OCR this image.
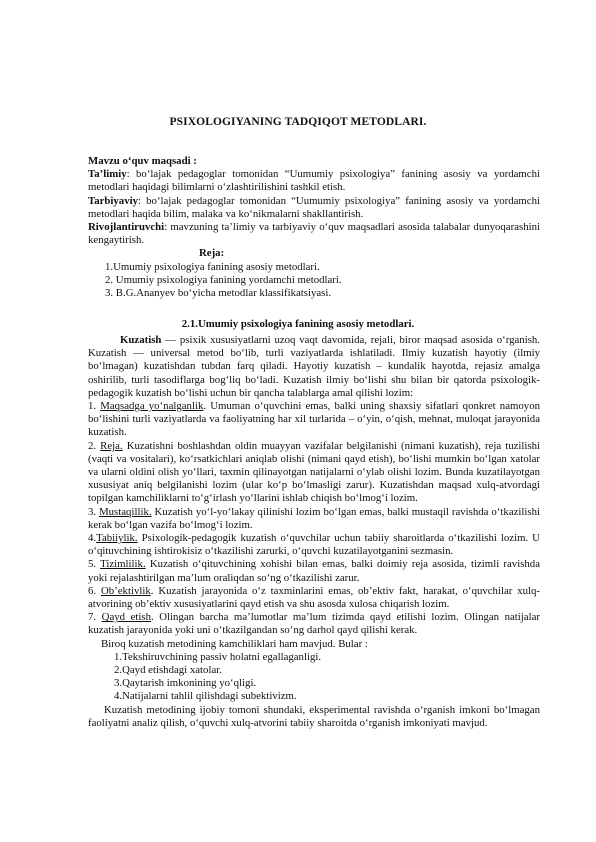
PSIXOLOGIYANING TADQIQOT METODLARI.

Mavzu o‘quv maqsadi :

Ta’limiy: bo‘lajak pedagoglar tomonidan “Uumumiy psixologiya” fanining asosiy va yordamchi metodlari haqidagi bilimlarni o‘zlashtirilishini tashkil etish.

Tarbiyaviy: bo‘lajak pedagoglar tomonidan “Uumumiy psixologiya” fanining asosiy va yordamchi metodlari haqida bilim, malaka va ko‘nikmalarni shakllantirish.

Rivojlantiruvchi: mavzuning ta’limiy va tarbiyaviy o‘quv maqsadlari asosida talabalar dunyoqarashini kengaytirish.

Reja:

1.Umumiy psixologiya fanining asosiy metodlari.
2. Umumiy psixologiya fanining yordamchi metodlari.
3. B.G.Ananyev bo‘yicha metodlar klassifikatsiyasi.
2.1.Umumiy psixologiya fanining asosiy metodlari.

Kuzatish — psixik xususiyatlarni uzoq vaqt davomida, rejali, biror maqsad asosida o‘rganish. Kuzatish — universal metod bo‘lib, turli vaziyatlarda ishlatiladi. Ilmiy kuzatish hayotiy (ilmiy bo‘lmagan) kuzatishdan tubdan farq qiladi. Hayotiy kuzatish – kundalik hayotda, rejasiz amalga oshirilib, turli tasodiflarga bog‘liq bo‘ladi. Kuzatish ilmiy bo‘lishi shu bilan bir qatorda psixologik-pedagogik kuzatish bo‘lishi uchun bir qancha talablarga amal qilishi lozim:

1. Maqsadga yo‘nalganlik. Umuman o‘quvchini emas, balki uning shaxsiy sifatlari qonkret namoyon bo‘lishini turli vaziyatlarda va faoliyatning har xil turlarida – o‘yin, o‘qish, mehnat, muloqat jarayonida kuzatish.

2. Reja. Kuzatishni boshlashdan oldin muayyan vazifalar belgilanishi (nimani kuzatish), reja tuzilishi (vaqti va vositalari), ko‘rsatkichlari aniqlab olishi (nimani qayd etish), bo‘lishi mumkin bo‘lgan xatolar va ularni oldini olish yo‘llari, taxmin qilinayotgan natijalarni o‘ylab olishi lozim. Bunda kuzatilayotgan xususiyat aniq belgilanishi lozim (ular ko‘p bo‘lmasligi zarur). Kuzatishdan maqsad xulq-atvordagi topilgan kamchiliklarni to‘g‘irlash yo‘llarini ishlab chiqish bo‘lmog‘i lozim.

3. Mustaqillik. Kuzatish yo‘l-yo‘lakay qilinishi lozim bo‘lgan emas, balki mustaqil ravishda o‘tkazilishi kerak bo‘lgan vazifa bo‘lmog‘i lozim.

4.Tabiiylik. Psixologik-pedagogik kuzatish o‘quvchilar uchun tabiiy sharoitlarda o‘tkazilishi lozim. U o‘qituvchining ishtirokisiz o‘tkazilishi zarurki, o‘quvchi kuzatilayotganini sezmasin.

5. Tizimlilik. Kuzatish o‘qituvchining xohishi bilan emas, balki doimiy reja asosida, tizimli ravishda yoki rejalashtirilgan ma’lum oraliqdan so‘ng o‘tkazilishi zarur.

6. Ob’ektivlik. Kuzatish jarayonida o‘z taxminlarini emas, ob’ektiv fakt, harakat, o‘quvchilar xulq-atvorining ob’ektiv xususiyatlarini qayd etish va shu asosda xulosa chiqarish lozim.

7. Qayd etish. Olingan barcha ma’lumotlar ma’lum tizimda qayd etilishi lozim. Olingan natijalar kuzatish jarayonida yoki uni o‘tkazilgandan so‘ng darhol qayd qilishi kerak.

Biroq kuzatish metodining kamchiliklari ham mavjud. Bular :

1.Tekshiruvchining passiv holatni egallaganligi.
2.Qayd etishdagi xatolar.
3.Qaytarish imkonining yo‘qligi.
4.Natijalarni tahlil qilishdagi subektivizm.

Kuzatish metodining ijobiy tomoni shundaki, eksperimental ravishda o‘rganish imkoni bo‘lmagan faoliyatni analiz qilish, o‘quvchi xulq-atvorini tabiiy sharoitda o‘rganish imkoniyati mavjud.
